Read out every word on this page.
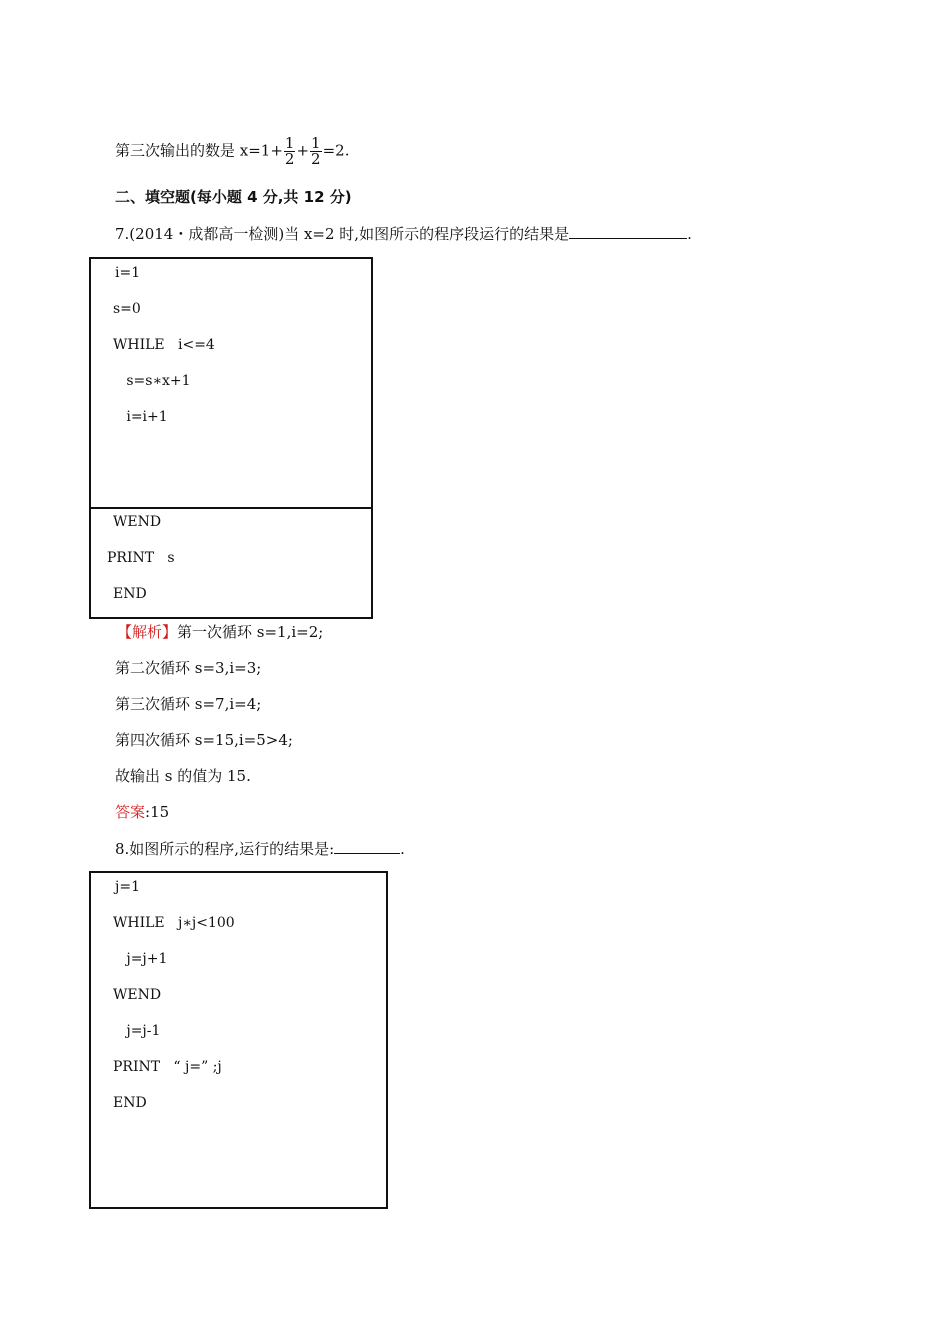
第三次输出的数是 $x=1+ \frac{1}{2} + \frac{1}{2} =2$.
二、填空题(每小题 4 分,共 12 分)
7.(2014・成都高一检测)当 x=2 时,如图所示的程序段运行的结果是	.
i=1
s=0
WHILE   i<=4
s=s∗x+1
i=i+1
WEND
PRINT   s
END
【解析】第一次循环 s=1,i=2;
第二次循环 s=3,i=3;
第三次循环 s=7,i=4;
第四次循环 s=15,i=5>4;
故输出 s 的值为 15.
答案:15
8.如图所示的程序,运行的结果是:	.
j=1
WHILE   j∗j<100
j=j+1
WEND
j=j-1
PRINT   “ j=” ;j
END
